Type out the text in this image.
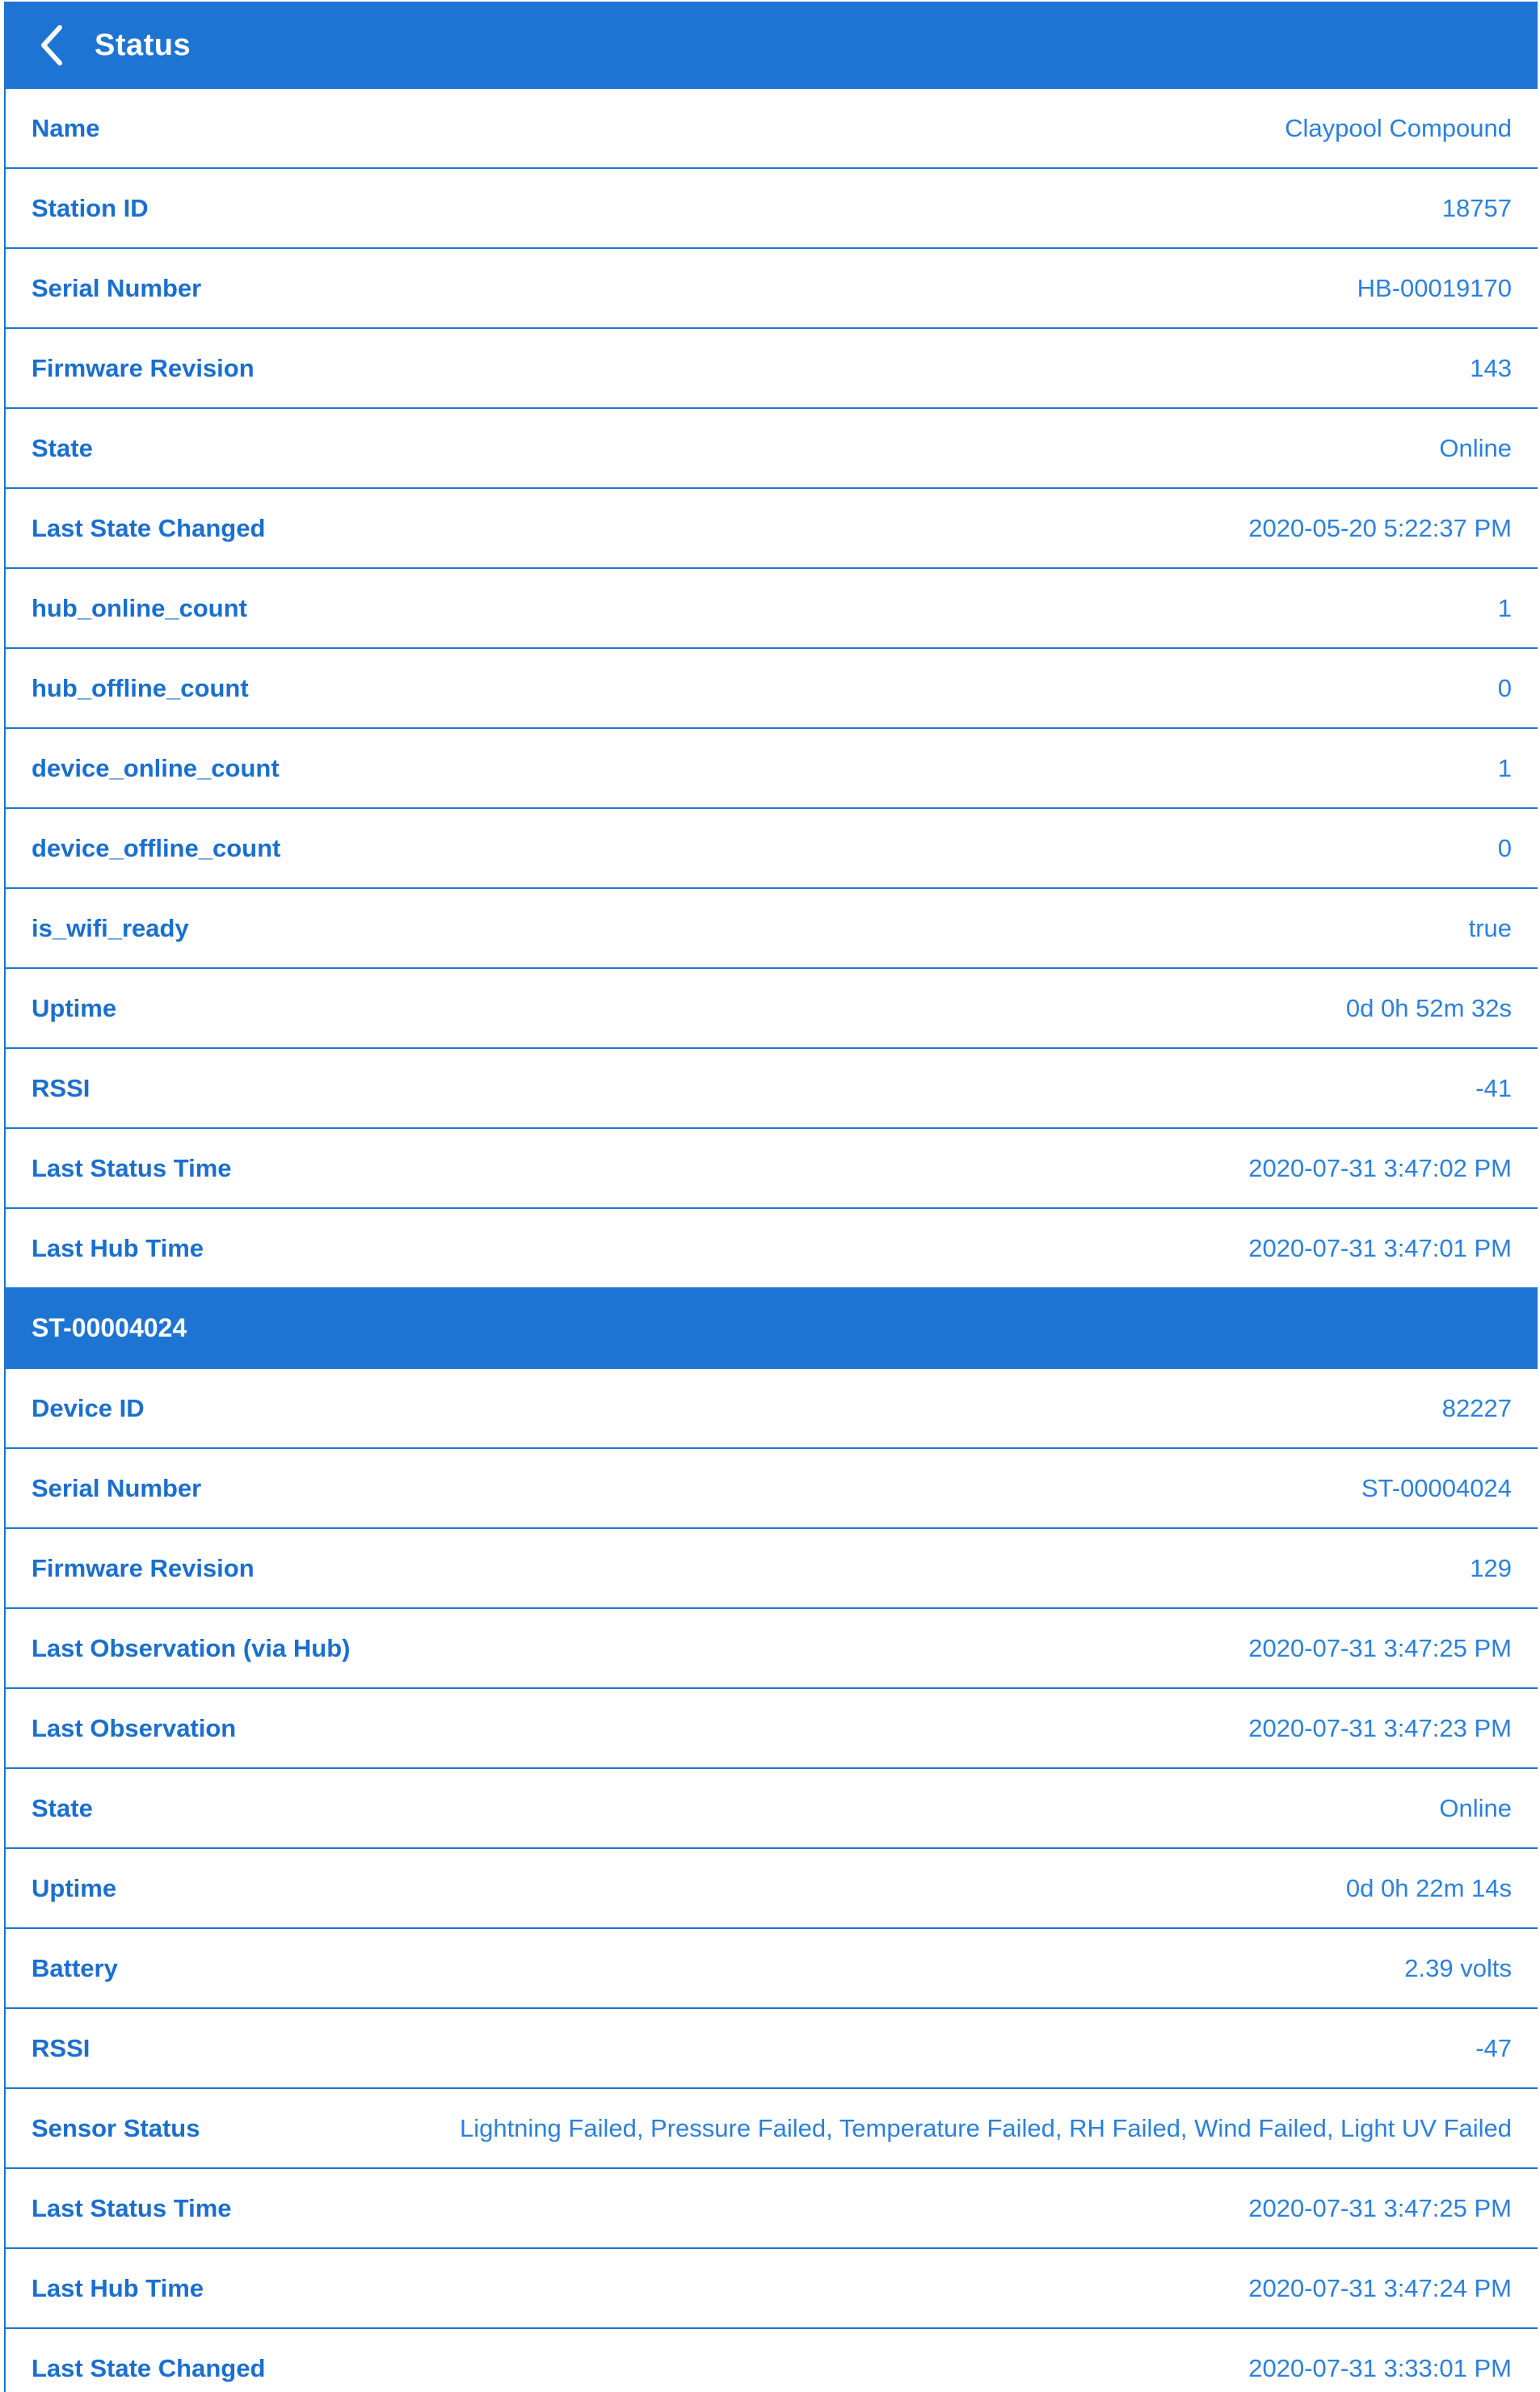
Status
Name	Claypool Compound
Station ID	18757
Serial Number	HB-00019170
Firmware Revision	143
State	Online
Last State Changed	2020-05-20 5:22:37 PM
hub_online_count	1
hub_offline_count	0
device_online_count	1
device_offline_count	0
is_wifi_ready	true
Uptime	0d 0h 52m 32s
RSSI	-41
Last Status Time	2020-07-31 3:47:02 PM
Last Hub Time	2020-07-31 3:47:01 PM
ST-00004024
Device ID	82227
Serial Number	ST-00004024
Firmware Revision	129
Last Observation (via Hub)	2020-07-31 3:47:25 PM
Last Observation	2020-07-31 3:47:23 PM
State	Online
Uptime	0d 0h 22m 14s
Battery	2.39 volts
RSSI	-47
Sensor Status	Lightning Failed, Pressure Failed, Temperature Failed, RH Failed, Wind Failed, Light UV Failed
Last Status Time	2020-07-31 3:47:25 PM
Last Hub Time	2020-07-31 3:47:24 PM
Last State Changed	2020-07-31 3:33:01 PM
